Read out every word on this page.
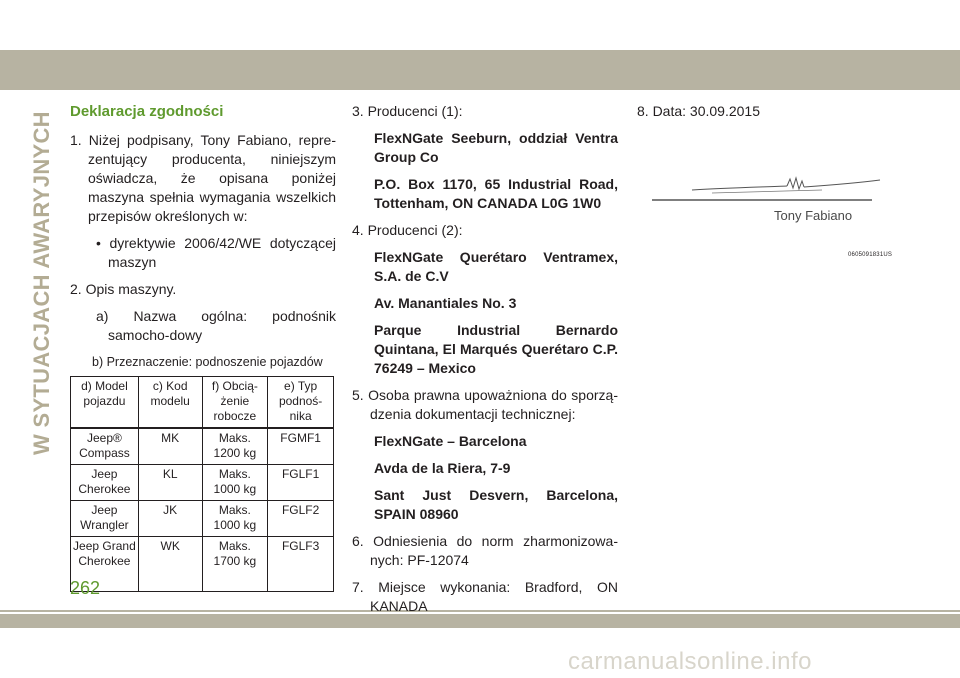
W SYTUACJACH AWARYJNYCH	Deklaracja zgodności

1. Niżej podpisany, Tony Fabiano, repre-zentujący producenta, niniejszym oświadcza, że opisana poniżej maszyna spełnia wymagania wszelkich przepisów określonych w:

• dyrektywie 2006/42/WE dotyczącej maszyn

2. Opis maszyny.

a) Nazwa ogólna: podnośnik samocho-dowy

b) Przeznaczenie: podnoszenie pojazdów

d) Model pojazdu	c) Kod modelu	f) Obcią-żenie robocze	e) Typ podnoś-nika
Jeep® Compass	MK	Maks. 1200 kg	FGMF1
Jeep Cherokee	KL	Maks. 1000 kg	FGLF1
Jeep Wrangler	JK	Maks. 1000 kg	FGLF2
Jeep Grand Cherokee	WK	Maks. 1700 kg	FGLF3

3. Producenci (1):

FlexNGate Seeburn, oddział Ventra Group Co

P.O. Box 1170, 65 Industrial Road, Tottenham, ON CANADA L0G 1W0

4. Producenci (2):

FlexNGate Querétaro Ventramex, S.A. de C.V

Av. Manantiales No. 3

Parque Industrial Bernardo Quintana, El Marqués Querétaro C.P. 76249 – Mexico

5. Osoba prawna upoważniona do sporzą-dzenia dokumentacji technicznej:

FlexNGate – Barcelona

Avda de la Riera, 7-9

Sant Just Desvern, Barcelona, SPAIN 08960

6. Odniesienia do norm zharmonizowa-nych: PF-12074

7. Miejsce wykonania: Bradford, ON KANADA

8. Data: 30.09.2015

Tony Fabiano
0605091831US
262
carmanualsonline.info
